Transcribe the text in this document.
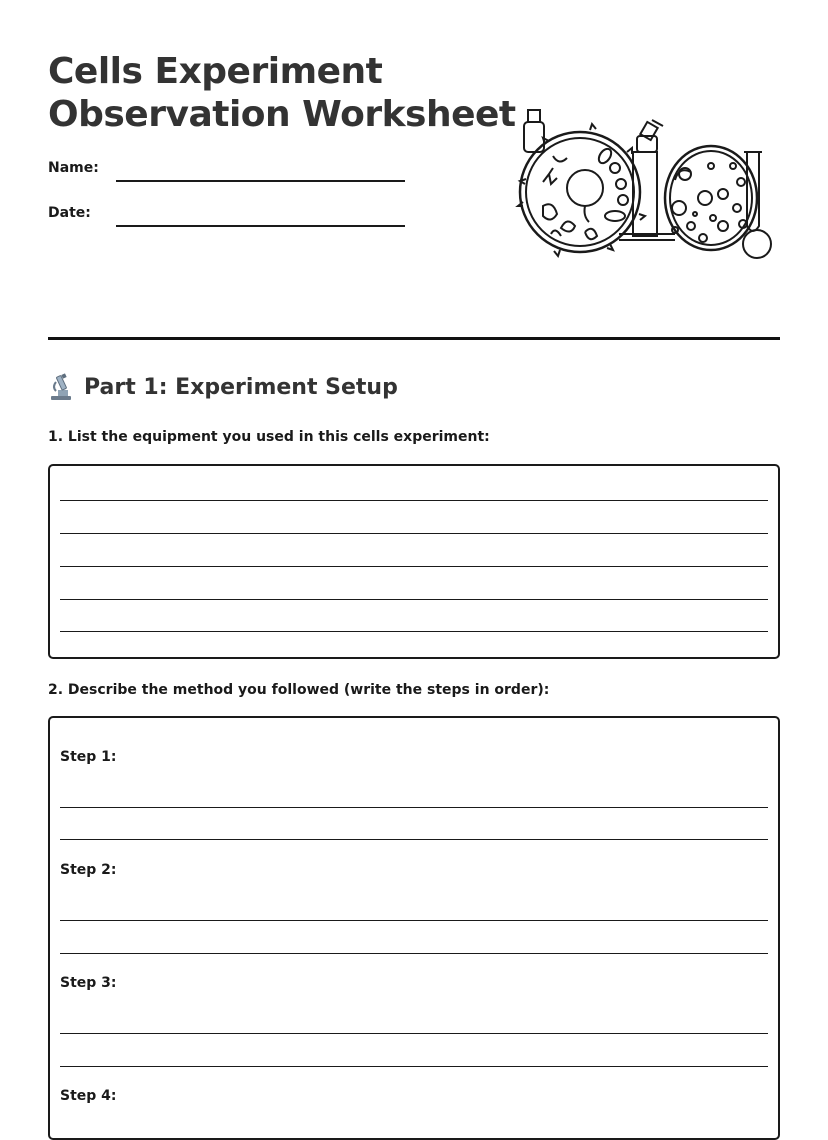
Cells Experiment
Observation Worksheet
Name:
Date:
Part 1: Experiment Setup
1. List the equipment you used in this cells experiment:
2. Describe the method you followed (write the steps in order):
Step 1:
Step 2:
Step 3:
Step 4:
